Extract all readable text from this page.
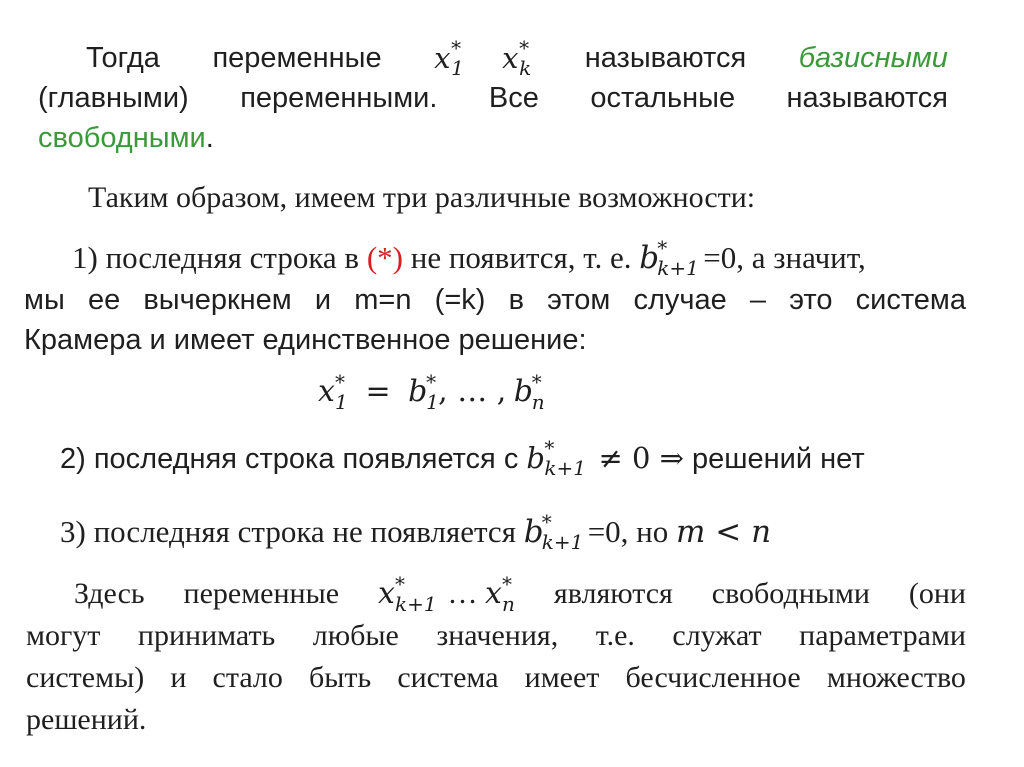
Тогда переменные x *
1 x *
k называются базисными
(главными) переменными. Все остальные называются
свободными.
Таким образом, имеем три различные возможности:
1) последняя строка в (*) не появится, т. е. b
*
k+1 =0, а значит,
мы ее вычеркнем и m=n (=k) в этом случае – это система
Крамера и имеет единственное решение:
x *
1 = b
*
1 , … , b
*
n
2) последняя строка появляется с b *
k+1 ≠ 0 ⇒ решений нет
3) последняя строка не появляется b
*
k+1 =0, но m < n
Здесь переменные x *
k+1 … x *
n являются свободными (они
могут принимать любые значения, т.е. служат параметрами
системы) и стало быть система имеет бесчисленное множество
решений.
